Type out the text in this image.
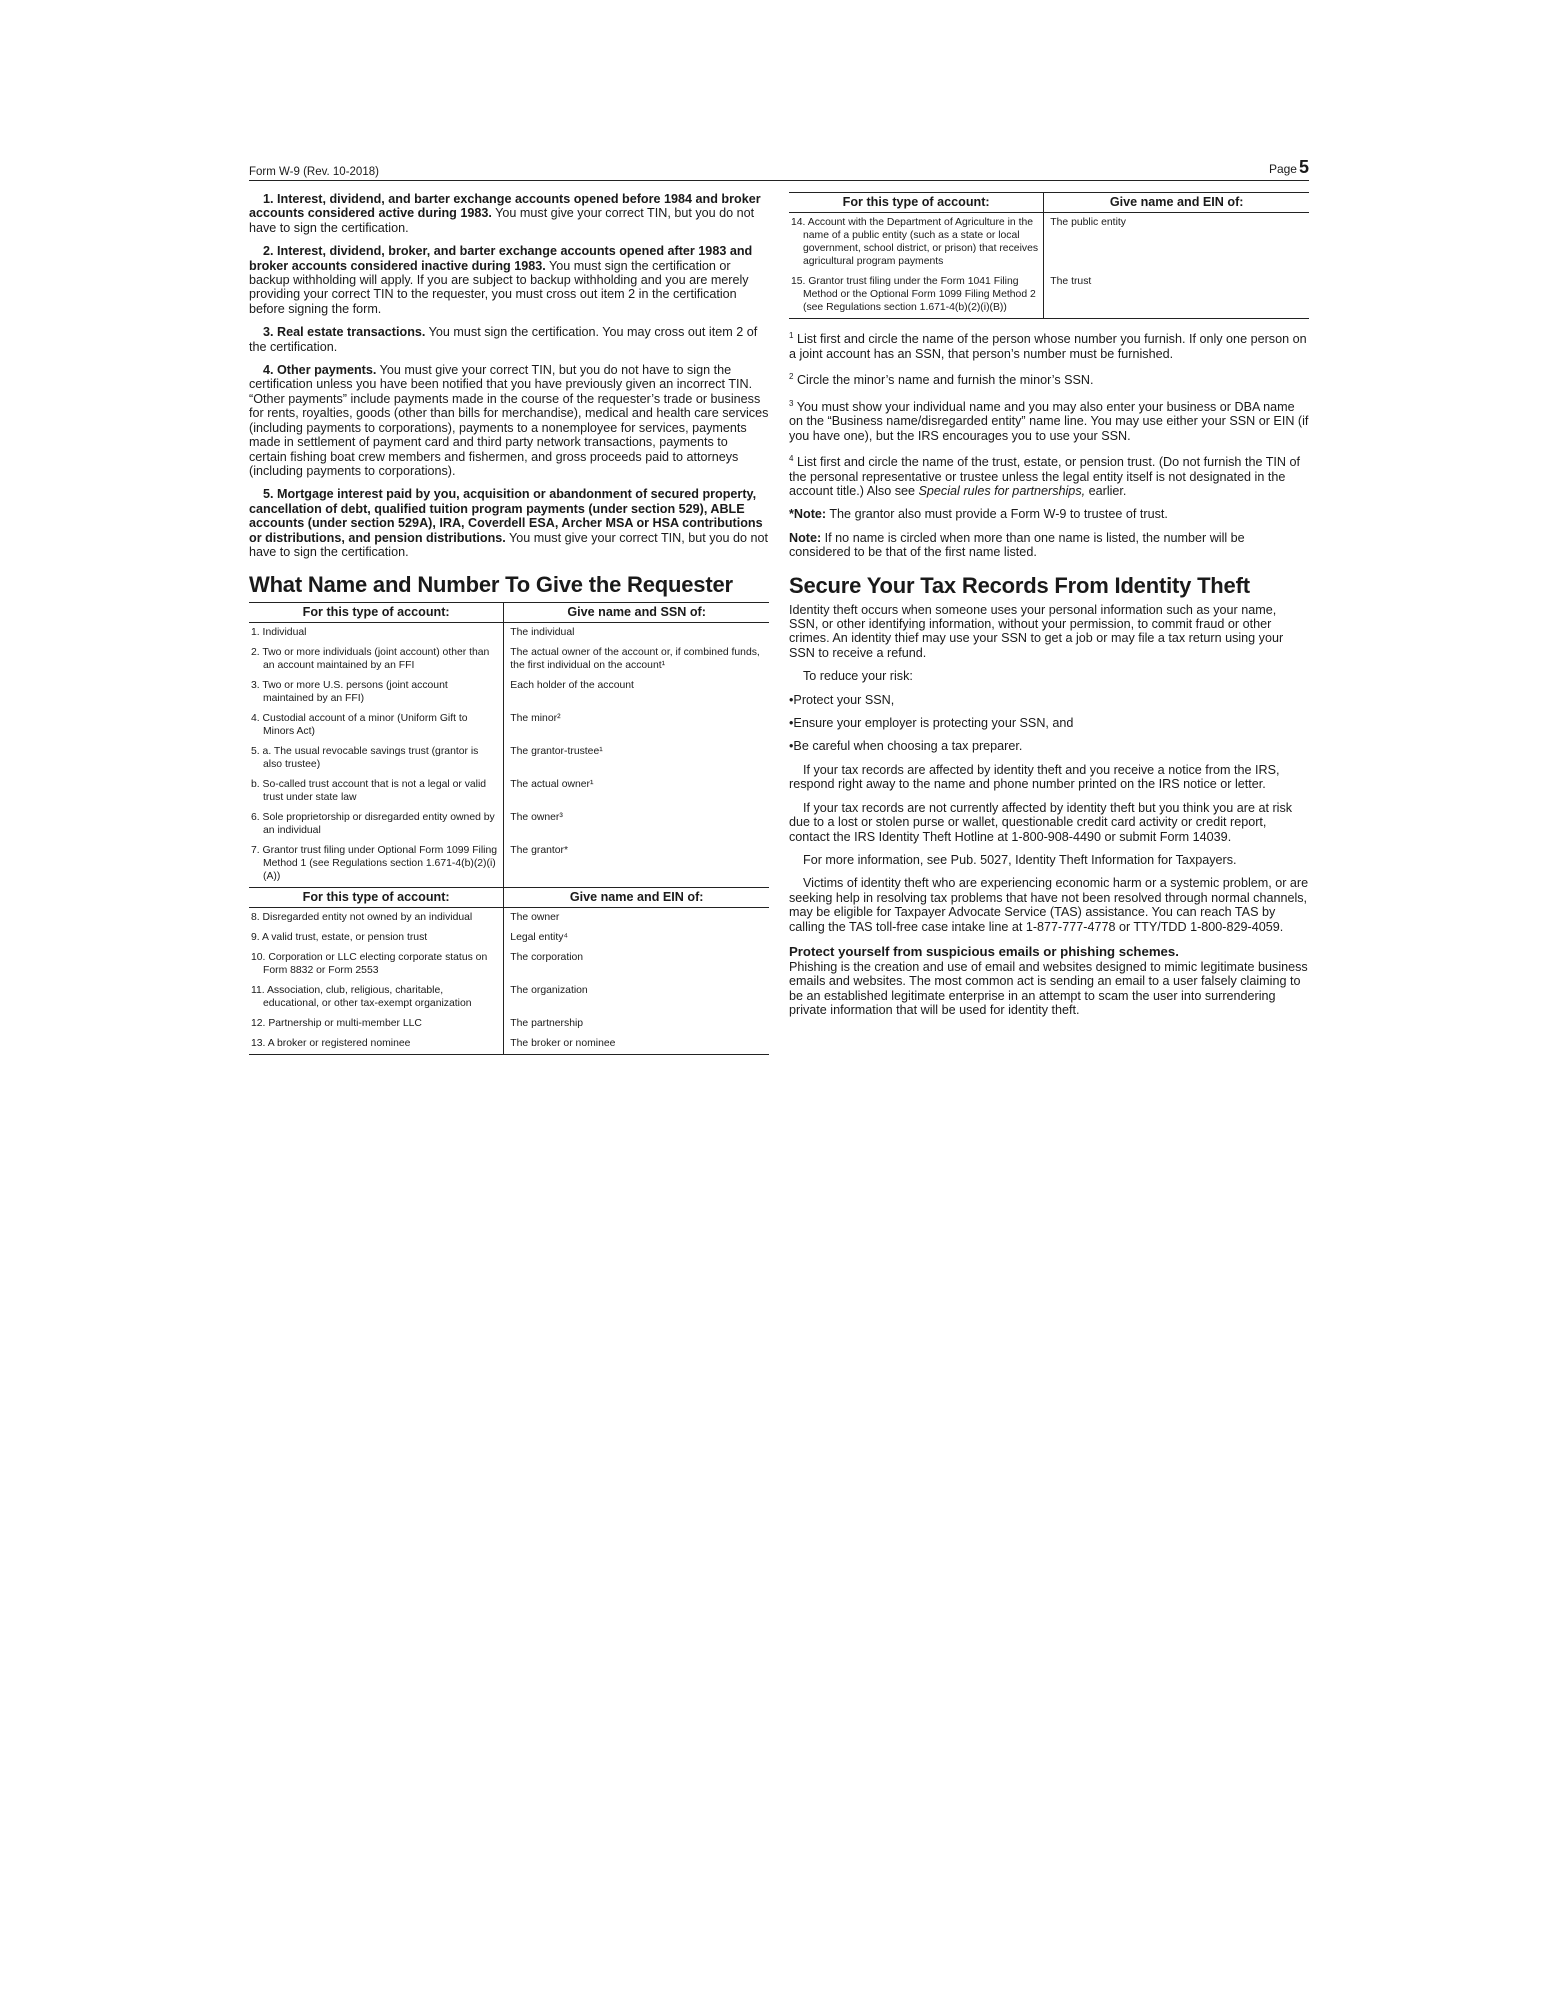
Form W-9 (Rev. 10-2018)	Page 5

1. Interest, dividend, and barter exchange accounts opened before 1984 and broker accounts considered active during 1983. You must give your correct TIN, but you do not have to sign the certification.

2. Interest, dividend, broker, and barter exchange accounts opened after 1983 and broker accounts considered inactive during 1983. You must sign the certification or backup withholding will apply. If you are subject to backup withholding and you are merely providing your correct TIN to the requester, you must cross out item 2 in the certification before signing the form.

3. Real estate transactions. You must sign the certification. You may cross out item 2 of the certification.

4. Other payments. You must give your correct TIN, but you do not have to sign the certification unless you have been notified that you have previously given an incorrect TIN. “Other payments” include payments made in the course of the requester’s trade or business for rents, royalties, goods (other than bills for merchandise), medical and health care services (including payments to corporations), payments to a nonemployee for services, payments made in settlement of payment card and third party network transactions, payments to certain fishing boat crew members and fishermen, and gross proceeds paid to attorneys (including payments to corporations).

5. Mortgage interest paid by you, acquisition or abandonment of secured property, cancellation of debt, qualified tuition program payments (under section 529), ABLE accounts (under section 529A), IRA, Coverdell ESA, Archer MSA or HSA contributions or distributions, and pension distributions. You must give your correct TIN, but you do not have to sign the certification.

What Name and Number To Give the Requester
For this type of account:	Give name and SSN of:
1. Individual	The individual
2. Two or more individuals (joint account) other than an account maintained by an FFI	The actual owner of the account or, if combined funds, the first individual on the account¹
3. Two or more U.S. persons (joint account maintained by an FFI)	Each holder of the account
4. Custodial account of a minor (Uniform Gift to Minors Act)	The minor²
5. a. The usual revocable savings trust (grantor is also trustee)	The grantor-trustee¹
b. So-called trust account that is not a legal or valid trust under state law	The actual owner¹
6. Sole proprietorship or disregarded entity owned by an individual	The owner³
7. Grantor trust filing under Optional Form 1099 Filing Method 1 (see Regulations section 1.671-4(b)(2)(i)(A))	The grantor*
For this type of account:	Give name and EIN of:
8. Disregarded entity not owned by an individual	The owner
9. A valid trust, estate, or pension trust	Legal entity⁴
10. Corporation or LLC electing corporate status on Form 8832 or Form 2553	The corporation
11. Association, club, religious, charitable, educational, or other tax-exempt organization	The organization
12. Partnership or multi-member LLC	The partnership
13. A broker or registered nominee	The broker or nominee
For this type of account:	Give name and EIN of:
14. Account with the Department of Agriculture in the name of a public entity (such as a state or local government, school district, or prison) that receives agricultural program payments	The public entity
15. Grantor trust filing under the Form 1041 Filing Method or the Optional Form 1099 Filing Method 2 (see Regulations section 1.671-4(b)(2)(i)(B))	The trust

$^1$ List first and circle the name of the person whose number you furnish. If only one person on a joint account has an SSN, that person’s number must be furnished.

$^2$ Circle the minor’s name and furnish the minor’s SSN.

$^3$ You must show your individual name and you may also enter your business or DBA name on the “Business name/disregarded entity” name line. You may use either your SSN or EIN (if you have one), but the IRS encourages you to use your SSN.

$^4$ List first and circle the name of the trust, estate, or pension trust. (Do not furnish the TIN of the personal representative or trustee unless the legal entity itself is not designated in the account title.) Also see Special rules for partnerships, earlier.

*Note: The grantor also must provide a Form W-9 to trustee of trust.

Note: If no name is circled when more than one name is listed, the number will be considered to be that of the first name listed.

Secure Your Tax Records From Identity Theft

Identity theft occurs when someone uses your personal information such as your name, SSN, or other identifying information, without your permission, to commit fraud or other crimes. An identity thief may use your SSN to get a job or may file a tax return using your SSN to receive a refund.

To reduce your risk:

• Protect your SSN,
• Ensure your employer is protecting your SSN, and
• Be careful when choosing a tax preparer.

If your tax records are affected by identity theft and you receive a notice from the IRS, respond right away to the name and phone number printed on the IRS notice or letter.

If your tax records are not currently affected by identity theft but you think you are at risk due to a lost or stolen purse or wallet, questionable credit card activity or credit report, contact the IRS Identity Theft Hotline at 1-800-908-4490 or submit Form 14039.

For more information, see Pub. 5027, Identity Theft Information for Taxpayers.

Victims of identity theft who are experiencing economic harm or a systemic problem, or are seeking help in resolving tax problems that have not been resolved through normal channels, may be eligible for Taxpayer Advocate Service (TAS) assistance. You can reach TAS by calling the TAS toll-free case intake line at 1-877-777-4778 or TTY/TDD 1-800-829-4059.

Protect yourself from suspicious emails or phishing schemes.

Phishing is the creation and use of email and websites designed to mimic legitimate business emails and websites. The most common act is sending an email to a user falsely claiming to be an established legitimate enterprise in an attempt to scam the user into surrendering private information that will be used for identity theft.
